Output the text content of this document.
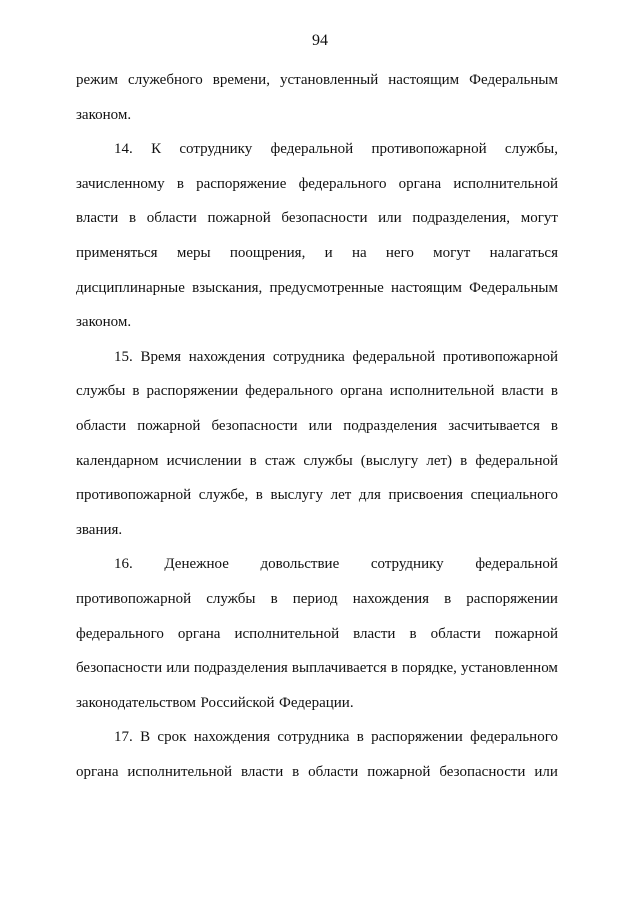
94
режим служебного времени, установленный настоящим Федеральным
законом.
14. К сотруднику федеральной противопожарной службы,
зачисленному в распоряжение федерального органа исполнительной
власти в области пожарной безопасности или подразделения, могут
применяться меры поощрения, и на него могут налагаться
дисциплинарные взыскания, предусмотренные настоящим Федеральным
законом.
15. Время нахождения сотрудника федеральной противопожарной
службы в распоряжении федерального органа исполнительной власти в
области пожарной безопасности или подразделения засчитывается в
календарном исчислении в стаж службы (выслугу лет) в федеральной
противопожарной службе, в выслугу лет для присвоения специального
звания.
16. Денежное довольствие сотруднику федеральной
противопожарной службы в период нахождения в распоряжении
федерального органа исполнительной власти в области пожарной
безопасности или подразделения выплачивается в порядке, установленном
законодательством Российской Федерации.
17. В срок нахождения сотрудника в распоряжении федерального
органа исполнительной власти в области пожарной безопасности или
